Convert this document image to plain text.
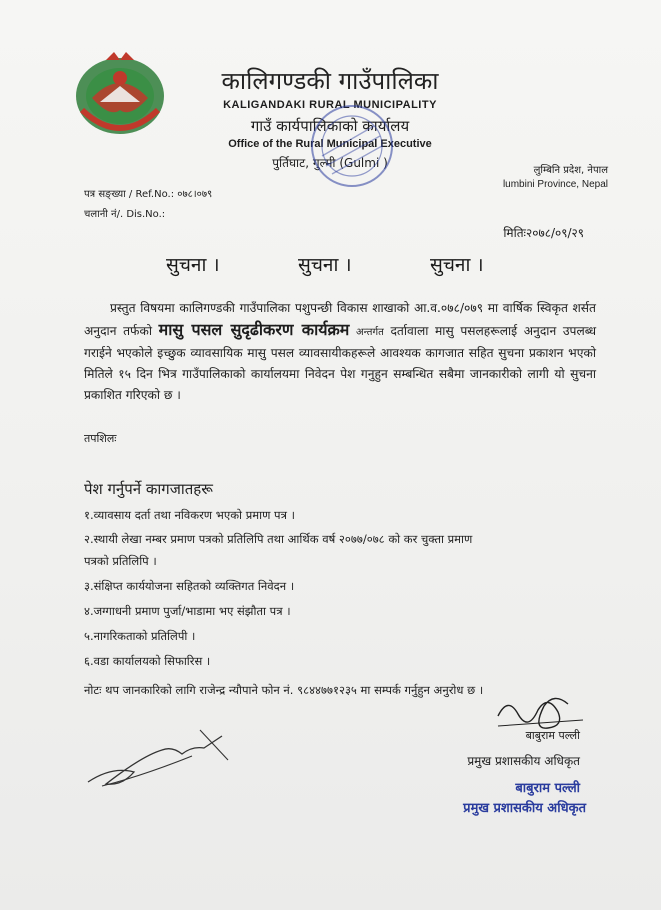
कालिगण्डकी गाउँपालिका
KALIGANDAKI RURAL MUNICIPALITY
गाउँ कार्यपालिकाको कार्यालय
Office of the Rural Municipal Executive
पुर्तिघाट, गुल्मी (Gulmi )
लुम्बिनि प्रदेश, नेपाल
lumbini Province, Nepal
पत्र सङ्ख्या / Ref.No.: ०७८।०७९
चलानी नं/. Dis.No.:
मितिः२०७८/०९/२९
सुचना ।	सुचना ।	सुचना ।
प्रस्तुत विषयमा कालिगण्डकी गाउँपालिका पशुपन्छी विकास शाखाको आ.व.०७८/०७९ मा वार्षिक स्विकृत शर्सत अनुदान तर्फको मासु पसल सुदृढीकरण कार्यक्रम अन्तर्गत दर्तावाला मासु पसलहरूलाई अनुदान उपलब्ध गराईने भएकोले इच्छुक व्यावसायिक मासु पसल व्यावसायीकहरूले आवश्यक कागजात सहित सुचना प्रकाशन भएको मितिले १५ दिन भित्र गाउँपालिकाको कार्यालयमा निवेदन पेश गनुहुन सम्बन्धित सबैमा जानकारीको लागी यो सुचना प्रकाशित गरिएको छ ।
तपशिलः
पेश गर्नुपर्ने कागजातहरू
१.व्यावसाय दर्ता तथा नविकरण भएको प्रमाण पत्र ।
२.स्थायी लेखा नम्बर प्रमाण पत्रको प्रतिलिपि तथा आर्थिक वर्ष २०७७/०७८ को कर चुक्ता प्रमाण
पत्रको प्रतिलिपि ।
३.संक्षिप्त कार्ययोजना सहितको व्यक्तिगत निवेदन ।
४.जग्गाधनी प्रमाण पुर्जा/भाडामा भए संझौता पत्र ।
५.नागरिकताको प्रतिलिपी ।
६.वडा कार्यालयको सिफारिस ।
नोटः थप जानकारिको लागि राजेन्द्र न्यौपाने फोन नं. ९८४४७७१२३५ मा सम्पर्क गर्नुहुन अनुरोध छ ।
बाबुराम पल्ली
प्रमुख प्रशासकीय अधिकृत
बाबुराम पल्ली
प्रमुख प्रशासकीय अधिकृत
